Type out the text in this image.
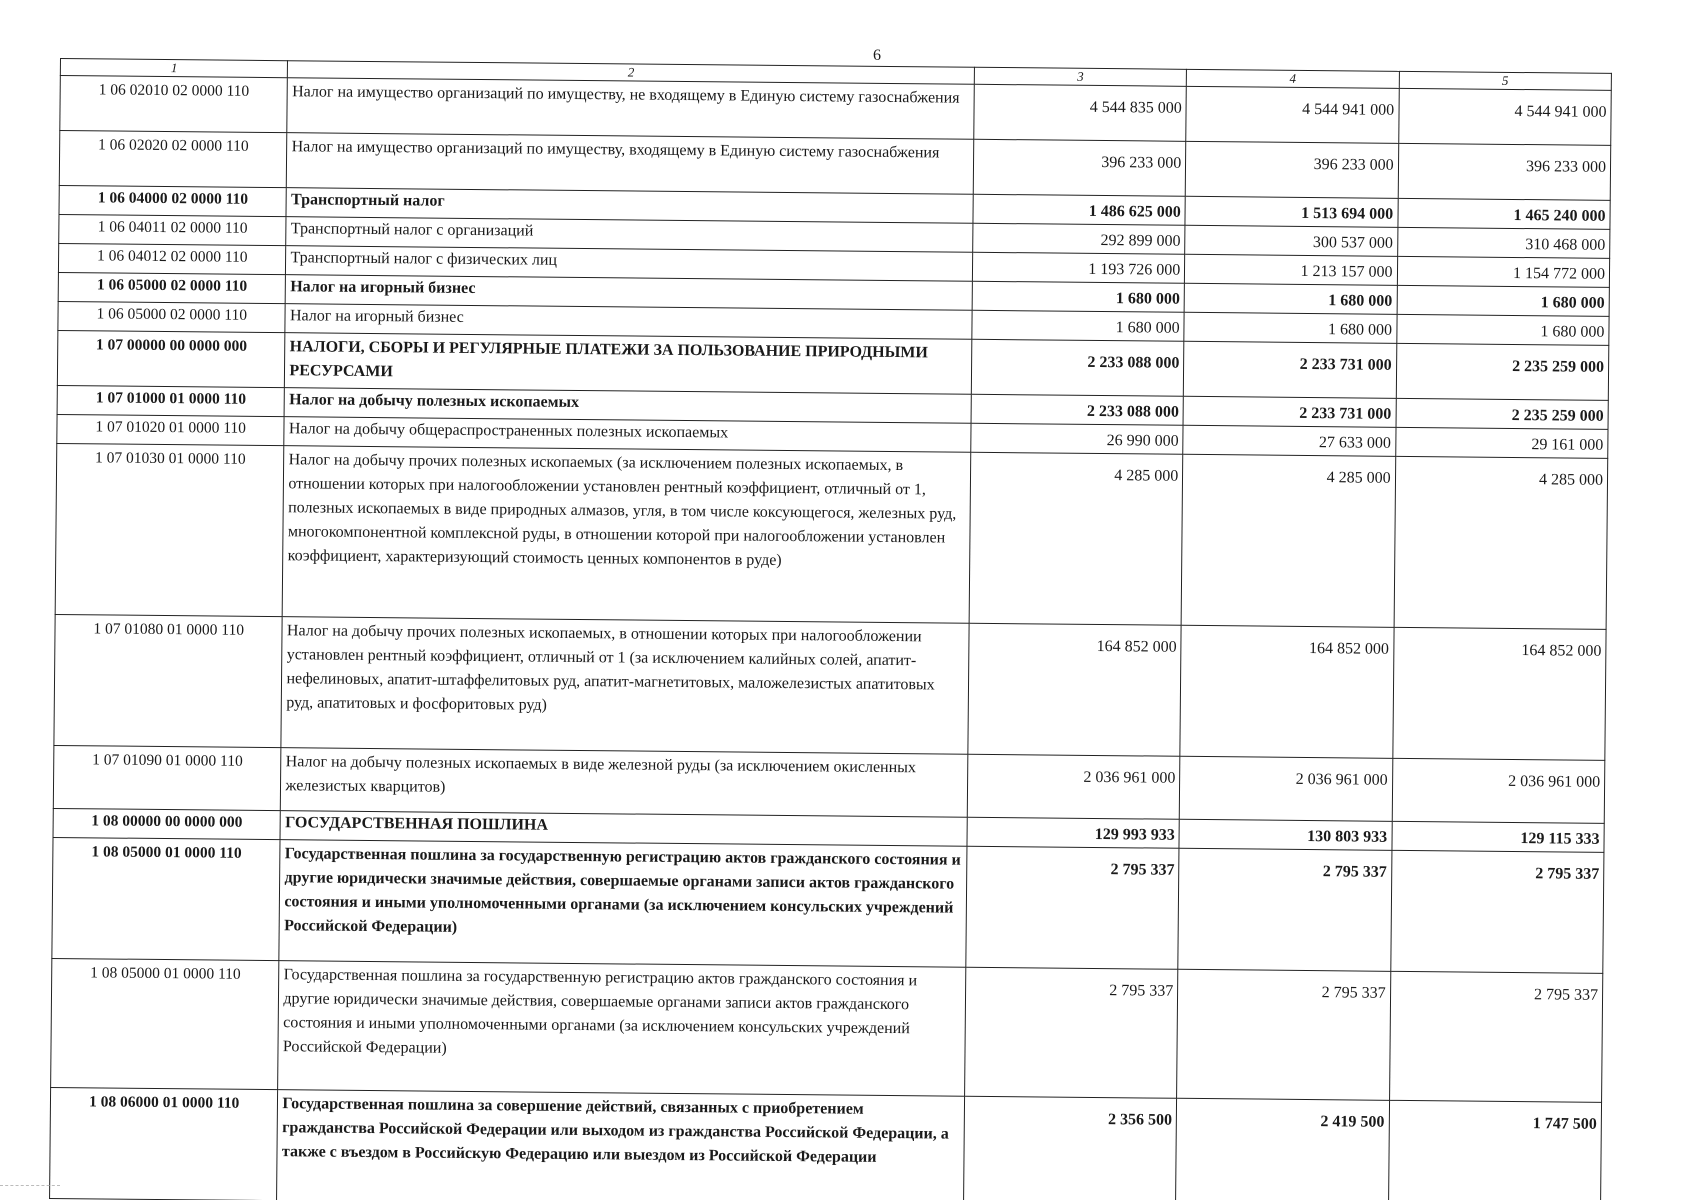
6
1	2	3	4	5
1 06 02010 02 0000 110	Налог на имущество организаций по имуществу, не входящему в Единую систему газоснабжения	4 544 835 000	4 544 941 000	4 544 941 000
1 06 02020 02 0000 110	Налог на имущество организаций по имуществу, входящему в Единую систему газоснабжения	396 233 000	396 233 000	396 233 000
1 06 04000 02 0000 110	Транспортный налог	1 486 625 000	1 513 694 000	1 465 240 000
1 06 04011 02 0000 110	Транспортный налог с организаций	292 899 000	300 537 000	310 468 000
1 06 04012 02 0000 110	Транспортный налог с физических лиц	1 193 726 000	1 213 157 000	1 154 772 000
1 06 05000 02 0000 110	Налог на игорный бизнес	1 680 000	1 680 000	1 680 000
1 06 05000 02 0000 110	Налог на игорный бизнес	1 680 000	1 680 000	1 680 000
1 07 00000 00 0000 000	НАЛОГИ, СБОРЫ И РЕГУЛЯРНЫЕ ПЛАТЕЖИ ЗА ПОЛЬЗОВАНИЕ ПРИРОДНЫМИ РЕСУРСАМИ	2 233 088 000	2 233 731 000	2 235 259 000
1 07 01000 01 0000 110	Налог на добычу полезных ископаемых	2 233 088 000	2 233 731 000	2 235 259 000
1 07 01020 01 0000 110	Налог на добычу общераспространенных полезных ископаемых	26 990 000	27 633 000	29 161 000
1 07 01030 01 0000 110	Налог на добычу прочих полезных ископаемых (за исключением полезных ископаемых, в отношении которых при налогообложении установлен рентный коэффициент, отличный от 1, полезных ископаемых в виде природных алмазов, угля, в том числе коксующегося, железных руд, многокомпонентной комплексной руды, в отношении которой при налогообложении установлен коэффициент, характеризующий стоимость ценных компонентов в руде)	4 285 000	4 285 000	4 285 000
1 07 01080 01 0000 110	Налог на добычу прочих полезных ископаемых, в отношении которых при налогообложении установлен рентный коэффициент, отличный от 1 (за исключением калийных солей, апатит-нефелиновых, апатит-штаффелитовых руд, апатит-магнетитовых, маложелезистых апатитовых руд, апатитовых и фосфоритовых руд)	164 852 000	164 852 000	164 852 000
1 07 01090 01 0000 110	Налог на добычу полезных ископаемых в виде железной руды (за исключением окисленных железистых кварцитов)	2 036 961 000	2 036 961 000	2 036 961 000
1 08 00000 00 0000 000	ГОСУДАРСТВЕННАЯ ПОШЛИНА	129 993 933	130 803 933	129 115 333
1 08 05000 01 0000 110	Государственная пошлина за государственную регистрацию актов гражданского состояния и другие юридически значимые действия, совершаемые органами записи актов гражданского состояния и иными уполномоченными органами (за исключением консульских учреждений Российской Федерации)	2 795 337	2 795 337	2 795 337
1 08 05000 01 0000 110	Государственная пошлина за государственную регистрацию актов гражданского состояния и другие юридически значимые действия, совершаемые органами записи актов гражданского состояния и иными уполномоченными органами (за исключением консульских учреждений Российской Федерации)	2 795 337	2 795 337	2 795 337
1 08 06000 01 0000 110	Государственная пошлина за совершение действий, связанных с приобретением гражданства Российской Федерации или выходом из гражданства Российской Федерации, а также с въездом в Российскую Федерацию или выездом из Российской Федерации	2 356 500	2 419 500	1 747 500
